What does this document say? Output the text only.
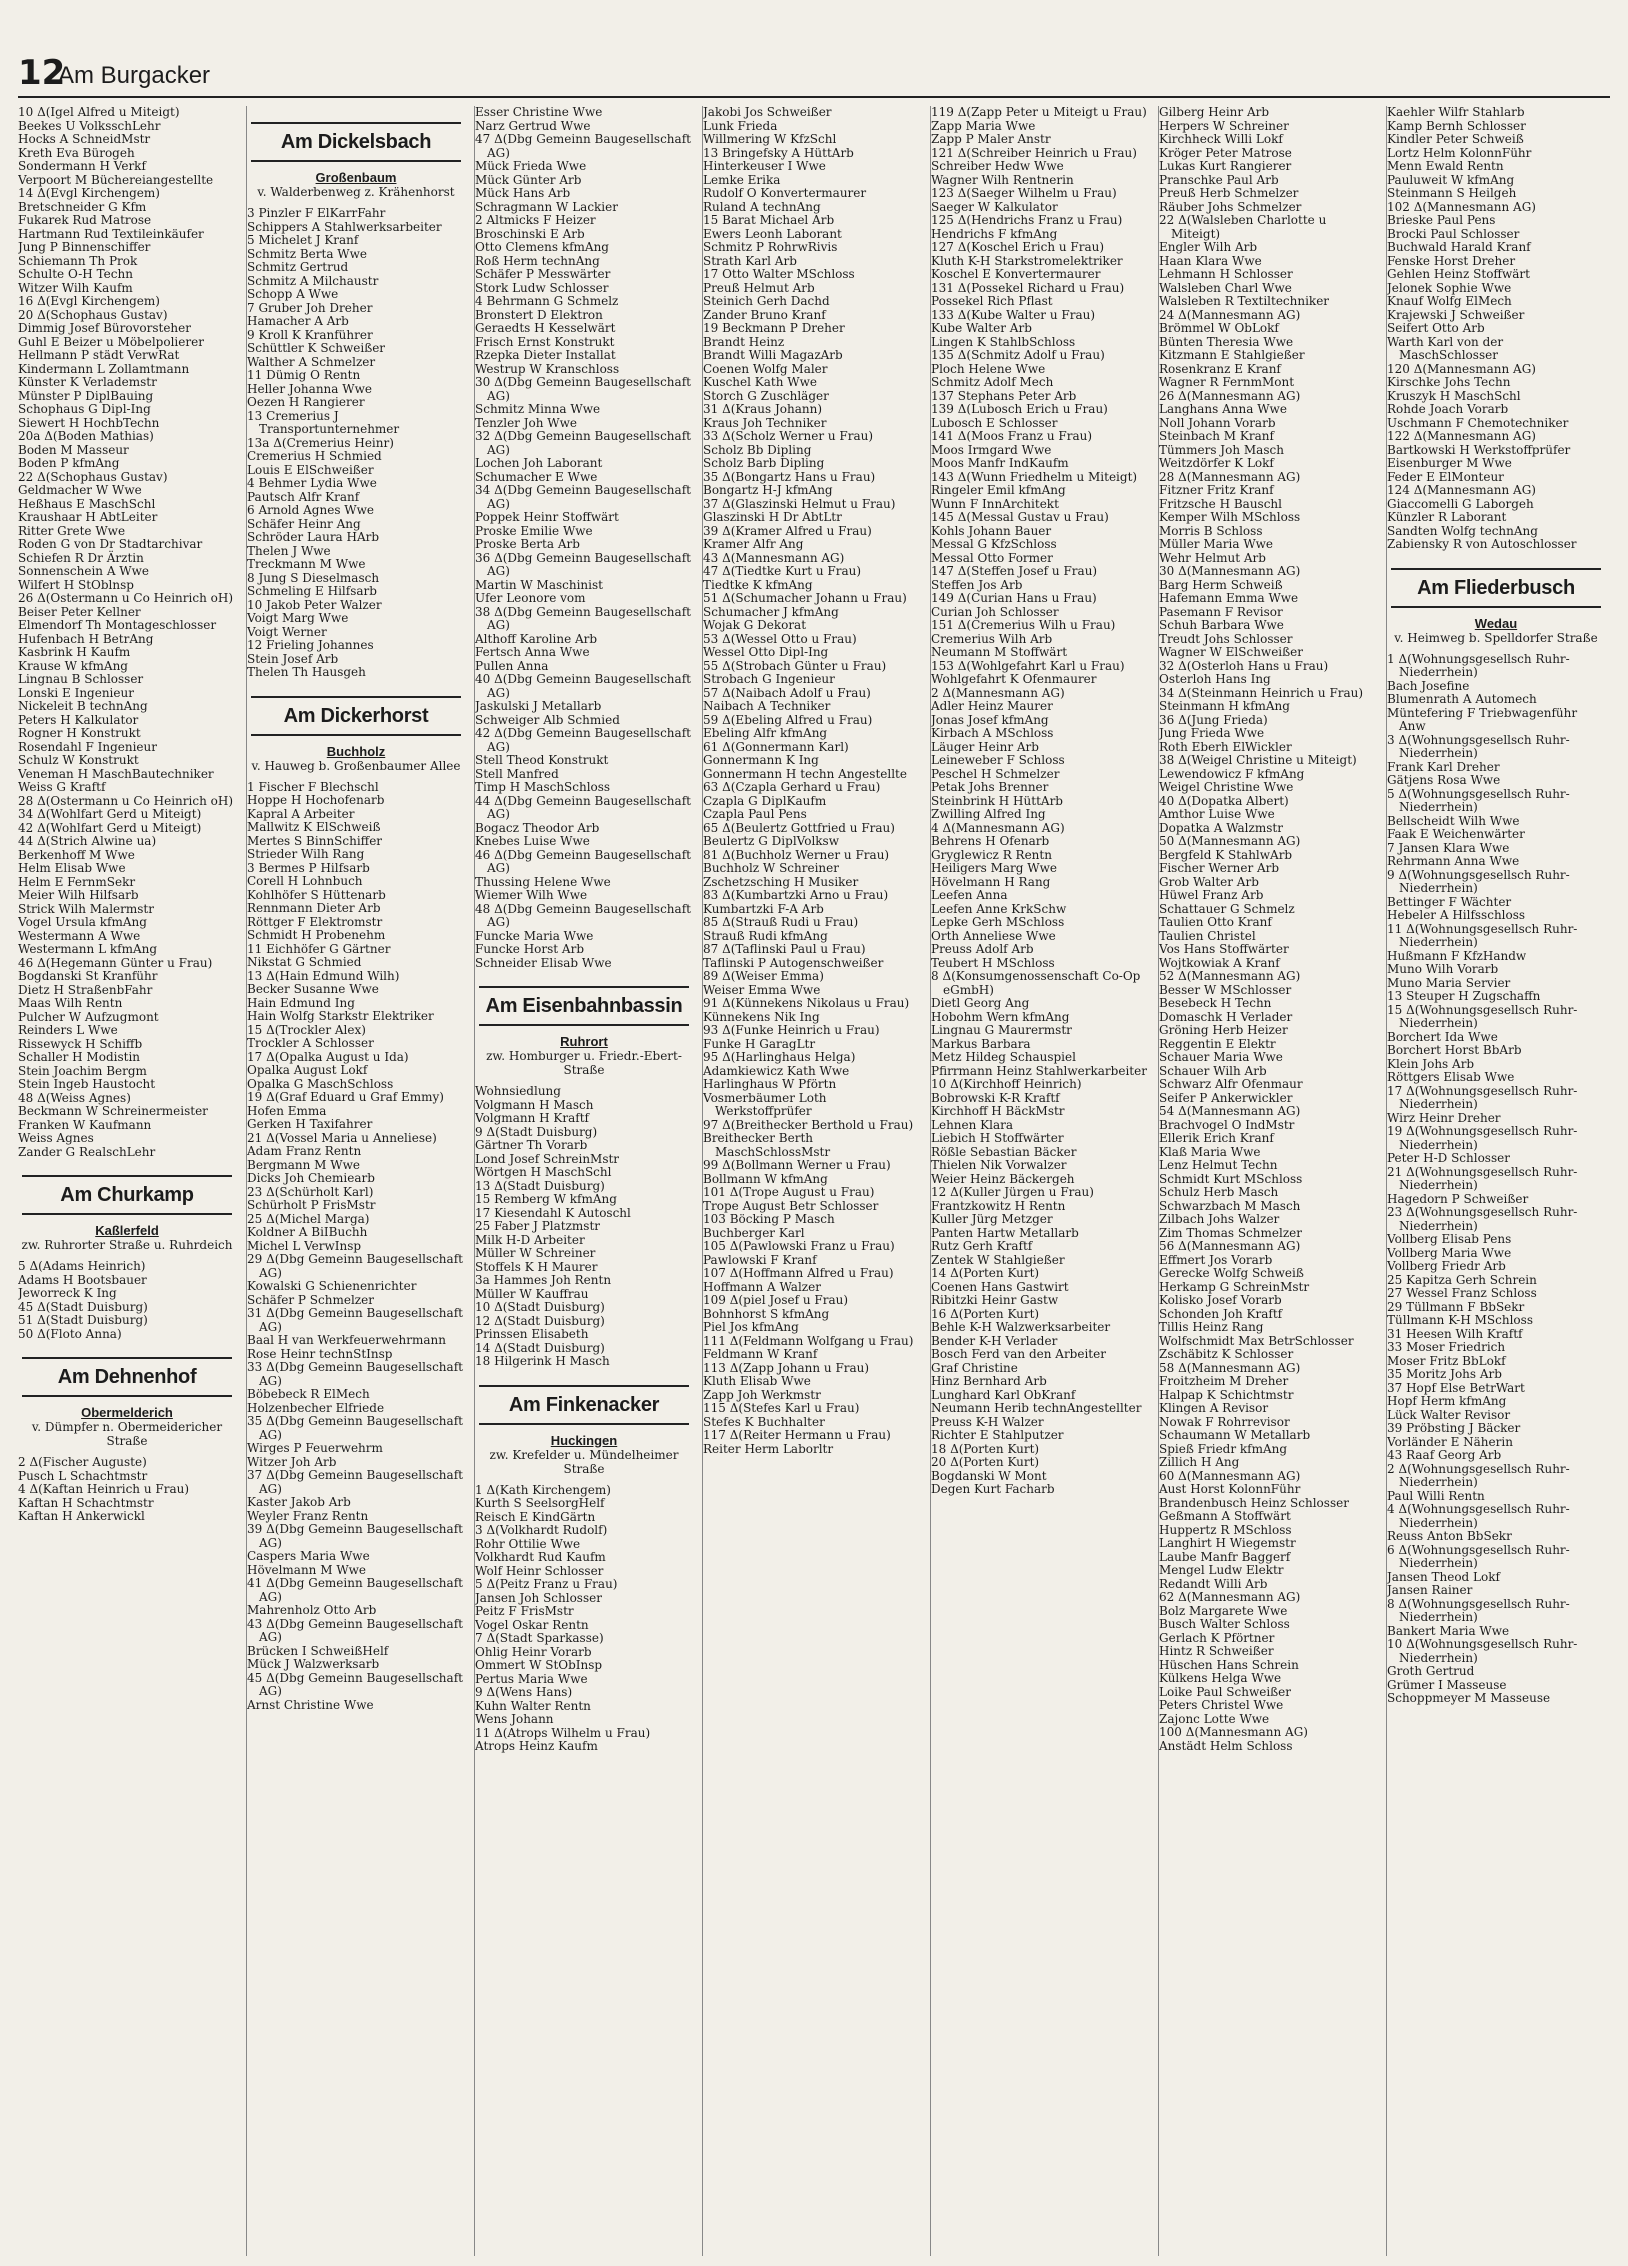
12
Am Burgacker
10 Δ(Igel Alfred u Miteigt)
Beekes U VolksschLehr
Hocks A SchneidMstr
Kreth Eva Bürogeh
Sondermann H Verkf
Verpoort M Büchereiangestellte
14 Δ(Evgl Kirchengem)
Bretschneider G Kfm
Fukarek Rud Matrose
Hartmann Rud Textileinkäufer
Jung P Binnenschiffer
Schiemann Th Prok
Schulte O-H Techn
Witzer Wilh Kaufm
16 Δ(Evgl Kirchengem)
20 Δ(Schophaus Gustav)
Dimmig Josef Bürovorsteher
Guhl E Beizer u Möbelpolierer
Hellmann P städt VerwRat
Kindermann L Zollamtmann
Künster K Verlademstr
Münster P DiplBauing
Schophaus G Dipl-Ing
Siewert H HochbTechn
20a Δ(Boden Mathias)
Boden M Masseur
Boden P kfmAng
22 Δ(Schophaus Gustav)
Geldmacher W Wwe
Heßhaus E MaschSchl
Kraushaar H AbtLeiter
Ritter Grete Wwe
Roden G von Dr Stadtarchivar
Schiefen R Dr Ärztin
Sonnenschein A Wwe
Wilfert H StOblnsp
26 Δ(Ostermann u Co Heinrich oH)
Beiser Peter Kellner
Elmendorf Th Montageschlosser
Hufenbach H BetrAng
Kasbrink H Kaufm
Krause W kfmAng
Lingnau B Schlosser
Lonski E Ingenieur
Nickeleit B technAng
Peters H Kalkulator
Rogner H Konstrukt
Rosendahl F Ingenieur
Schulz W Konstrukt
Veneman H MaschBautechniker
Weiss G Kraftf
28 Δ(Ostermann u Co Heinrich oH)
34 Δ(Wohlfart Gerd u Miteigt)
42 Δ(Wohlfart Gerd u Miteigt)
44 Δ(Strich Alwine ua)
Berkenhoff M Wwe
Helm Elisab Wwe
Helm E FernmSekr
Meier Wilh Hilfsarb
Strick Wilh Malermstr
Vogel Ursula kfmAng
Westermann A Wwe
Westermann L kfmAng
46 Δ(Hegemann Günter u Frau)
Bogdanski St Kranführ
Dietz H StraßenbFahr
Maas Wilh Rentn
Pulcher W Aufzugmont
Reinders L Wwe
Rissewyck H Schiffb
Schaller H Modistin
Stein Joachim Bergm
Stein Ingeb Haustocht
48 Δ(Weiss Agnes)
Beckmann W Schreinermeister
Franken W Kaufmann
Weiss Agnes
Zander G RealschLehr
Am Churkamp
Kaßlerfeld
zw. Ruhrorter Straße u. Ruhrdeich
5 Δ(Adams Heinrich)
Adams H Bootsbauer
Jeworreck K Ing
45 Δ(Stadt Duisburg)
51 Δ(Stadt Duisburg)
50 Δ(Floto Anna)
Am Dehnenhof
Obermelderich
v. Dümpfer n. Obermeidericher Straße
2 Δ(Fischer Auguste)
Pusch L Schachtmstr
4 Δ(Kaftan Heinrich u Frau)
Kaftan H Schachtmstr
Kaftan H Ankerwickl
Am Dickelsbach
Großenbaum
v. Walderbenweg z. Krähenhorst
3 Pinzler F ElKarrFahr
Schippers A Stahlwerksarbeiter
5 Michelet J Kranf
Schmitz Berta Wwe
Schmitz Gertrud
Schmitz A Milchaustr
Schopp A Wwe
7 Gruber Joh Dreher
Hamacher A Arb
9 Kroll K Kranführer
Schüttler K Schweißer
Walther A Schmelzer
11 Dümig O Rentn
Heller Johanna Wwe
Oezen H Rangierer
13 Cremerius J Transportunternehmer
13a Δ(Cremerius Heinr)
Cremerius H Schmied
Louis E ElSchweißer
4 Behmer Lydia Wwe
Pautsch Alfr Kranf
6 Arnold Agnes Wwe
Schäfer Heinr Ang
Schröder Laura HArb
Thelen J Wwe
Treckmann M Wwe
8 Jung S Dieselmasch
Schmeling E Hilfsarb
10 Jakob Peter Walzer
Voigt Marg Wwe
Voigt Werner
12 Frieling Johannes
Stein Josef Arb
Thelen Th Hausgeh
Am Dickerhorst
Buchholz
v. Hauweg b. Großenbaumer Allee
1 Fischer F Blechschl
Hoppe H Hochofenarb
Kapral A Arbeiter
Mallwitz K ElSchweiß
Mertes S BinnSchiffer
Strieder Wilh Rang
3 Bermes P Hilfsarb
Corell H Lohnbuch
Kohlhöfer S Hüttenarb
Rennmann Dieter Arb
Röttger F Elektromstr
Schmidt H Probenehm
11 Eichhöfer G Gärtner
Nikstat G Schmied
13 Δ(Hain Edmund Wilh)
Becker Susanne Wwe
Hain Edmund Ing
Hain Wolfg Starkstr Elektriker
15 Δ(Trockler Alex)
Trockler A Schlosser
17 Δ(Opalka August u Ida)
Opalka August Lokf
Opalka G MaschSchloss
19 Δ(Graf Eduard u Graf Emmy)
Hofen Emma
Gerken H Taxifahrer
21 Δ(Vossel Maria u Anneliese)
Adam Franz Rentn
Bergmann M Wwe
Dicks Joh Chemiearb
23 Δ(Schürholt Karl)
Schürholt P FrisMstr
25 Δ(Michel Marga)
Koldner A BiIBuchh
Michel L VerwInsp
29 Δ(Dbg Gemeinn Baugesellschaft AG)
Kowalski G Schienenrichter
Schäfer P Schmelzer
31 Δ(Dbg Gemeinn Baugesellschaft AG)
Baal H van Werkfeuerwehrmann
Rose Heinr technStInsp
33 Δ(Dbg Gemeinn Baugesellschaft AG)
Böbebeck R ElMech
Holzenbecher Elfriede
35 Δ(Dbg Gemeinn Baugesellschaft AG)
Wirges P Feuerwehrm
Witzer Joh Arb
37 Δ(Dbg Gemeinn Baugesellschaft AG)
Kaster Jakob Arb
Weyler Franz Rentn
39 Δ(Dbg Gemeinn Baugesellschaft AG)
Caspers Maria Wwe
Hövelmann M Wwe
41 Δ(Dbg Gemeinn Baugesellschaft AG)
Mahrenholz Otto Arb
43 Δ(Dbg Gemeinn Baugesellschaft AG)
Brücken I SchweißHelf
Mück J Walzwerksarb
45 Δ(Dbg Gemeinn Baugesellschaft AG)
Arnst Christine Wwe
Esser Christine Wwe
Narz Gertrud Wwe
47 Δ(Dbg Gemeinn Baugesellschaft AG)
Mück Frieda Wwe
Mück Günter Arb
Mück Hans Arb
Schragmann W Lackier
2 Altmicks F Heizer
Broschinski E Arb
Otto Clemens kfmAng
Roß Herm technAng
Schäfer P Messwärter
Stork Ludw Schlosser
4 Behrmann G Schmelz
Bronstert D Elektron
Geraedts H Kesselwärt
Frisch Ernst Konstrukt
Rzepka Dieter Installat
Westrup W Kranschloss
30 Δ(Dbg Gemeinn Baugesellschaft AG)
Schmitz Minna Wwe
Tenzler Joh Wwe
32 Δ(Dbg Gemeinn Baugesellschaft AG)
Lochen Joh Laborant
Schumacher E Wwe
34 Δ(Dbg Gemeinn Baugesellschaft AG)
Poppek Heinr Stoffwärt
Proske Emilie Wwe
Proske Berta Arb
36 Δ(Dbg Gemeinn Baugesellschaft AG)
Martin W Maschinist
Ufer Leonore vom
38 Δ(Dbg Gemeinn Baugesellschaft AG)
Althoff Karoline Arb
Fertsch Anna Wwe
Pullen Anna
40 Δ(Dbg Gemeinn Baugesellschaft AG)
Jaskulski J Metallarb
Schweiger Alb Schmied
42 Δ(Dbg Gemeinn Baugesellschaft AG)
Stell Theod Konstrukt
Stell Manfred
Timp H MaschSchloss
44 Δ(Dbg Gemeinn Baugesellschaft AG)
Bogacz Theodor Arb
Knebes Luise Wwe
46 Δ(Dbg Gemeinn Baugesellschaft AG)
Thussing Helene Wwe
Wiemer Wilh Wwe
48 Δ(Dbg Gemeinn Baugesellschaft AG)
Funcke Maria Wwe
Funcke Horst Arb
Schneider Elisab Wwe
Am Eisenbahnbassin
Ruhrort
zw. Homburger u. Friedr.-Ebert-Straße
Wohnsiedlung
Volgmann H Masch
Volgmann H Kraftf
9 Δ(Stadt Duisburg)
Gärtner Th Vorarb
Lond Josef SchreinMstr
Wörtgen H MaschSchl
13 Δ(Stadt Duisburg)
15 Remberg W kfmAng
17 Kiesendahl K Autoschl
25 Faber J Platzmstr
Milk H-D Arbeiter
Müller W Schreiner
Stoffels K H Maurer
3a Hammes Joh Rentn
Müller W Kauffrau
10 Δ(Stadt Duisburg)
12 Δ(Stadt Duisburg)
Prinssen Elisabeth
14 Δ(Stadt Duisburg)
18 Hilgerink H Masch
Am Finkenacker
Huckingen
zw. Krefelder u. Mündelheimer Straße
1 Δ(Kath Kirchengem)
Kurth S SeelsorgHelf
Reisch E KindGärtn
3 Δ(Volkhardt Rudolf)
Rohr Ottilie Wwe
Volkhardt Rud Kaufm
Wolf Heinr Schlosser
5 Δ(Peitz Franz u Frau)
Jansen Joh Schlosser
Peitz F FrisMstr
Vogel Oskar Rentn
7 Δ(Stadt Sparkasse)
Ohlig Heinr Vorarb
Ommert W StObInsp
Pertus Maria Wwe
9 Δ(Wens Hans)
Kuhn Walter Rentn
Wens Johann
11 Δ(Atrops Wilhelm u Frau)
Atrops Heinz Kaufm
Jakobi Jos Schweißer
Lunk Frieda
Willmering W KfzSchl
13 Bringefsky A HüttArb
Hinterkeuser I Wwe
Lemke Erika
Rudolf O Konvertermaurer
Ruland A technAng
15 Barat Michael Arb
Ewers Leonh Laborant
Schmitz P RohrwRivis
Strath Karl Arb
17 Otto Walter MSchloss
Preuß Helmut Arb
Steinich Gerh Dachd
Zander Bruno Kranf
19 Beckmann P Dreher
Brandt Heinz
Brandt Willi MagazArb
Coenen Wolfg Maler
Kuschel Kath Wwe
Storch G Zuschläger
31 Δ(Kraus Johann)
Kraus Joh Techniker
33 Δ(Scholz Werner u Frau)
Scholz Bb Dipling
Scholz Barb Dipling
35 Δ(Bongartz Hans u Frau)
Bongartz H-J kfmAng
37 Δ(Glaszinski Helmut u Frau)
Glaszinski H Dr AbtLtr
39 Δ(Kramer Alfred u Frau)
Kramer Alfr Ang
43 Δ(Mannesmann AG)
47 Δ(Tiedtke Kurt u Frau)
Tiedtke K kfmAng
51 Δ(Schumacher Johann u Frau)
Schumacher J kfmAng
Wojak G Dekorat
53 Δ(Wessel Otto u Frau)
Wessel Otto Dipl-Ing
55 Δ(Strobach Günter u Frau)
Strobach G Ingenieur
57 Δ(Naibach Adolf u Frau)
Naibach A Techniker
59 Δ(Ebeling Alfred u Frau)
Ebeling Alfr kfmAng
61 Δ(Gonnermann Karl)
Gonnermann K Ing
Gonnermann H techn Angestellte
63 Δ(Czapla Gerhard u Frau)
Czapla G DiplKaufm
Czapla Paul Pens
65 Δ(Beulertz Gottfried u Frau)
Beulertz G DiplVolksw
81 Δ(Buchholz Werner u Frau)
Buchholz W Schreiner
Zschetzsching H Musiker
83 Δ(Kumbartzki Arno u Frau)
Kumbartzki F-A Arb
85 Δ(Strauß Rudi u Frau)
Strauß Rudi kfmAng
87 Δ(Taflinski Paul u Frau)
Taflinski P Autogenschweißer
89 Δ(Weiser Emma)
Weiser Emma Wwe
91 Δ(Künnekens Nikolaus u Frau)
Künnekens Nik Ing
93 Δ(Funke Heinrich u Frau)
Funke H GaragLtr
95 Δ(Harlinghaus Helga)
Adamkiewicz Kath Wwe
Harlinghaus W Pförtn
Vosmerbäumer Loth Werkstoffprüfer
97 Δ(Breithecker Berthold u Frau)
Breithecker Berth MaschSchlossMstr
99 Δ(Bollmann Werner u Frau)
Bollmann W kfmAng
101 Δ(Trope August u Frau)
Trope August Betr Schlosser
103 Böcking P Masch
Buchberger Karl
105 Δ(Pawlowski Franz u Frau)
Pawlowski F Kranf
107 Δ(Hoffmann Alfred u Frau)
Hoffmann A Walzer
109 Δ(piel Josef u Frau)
Bohnhorst S kfmAng
Piel Jos kfmAng
111 Δ(Feldmann Wolfgang u Frau)
Feldmann W Kranf
113 Δ(Zapp Johann u Frau)
Kluth Elisab Wwe
Zapp Joh Werkmstr
115 Δ(Stefes Karl u Frau)
Stefes K Buchhalter
117 Δ(Reiter Hermann u Frau)
Reiter Herm Laborltr
119 Δ(Zapp Peter u Miteigt u Frau)
Zapp Maria Wwe
Zapp P Maler Anstr
121 Δ(Schreiber Heinrich u Frau)
Schreiber Hedw Wwe
Wagner Wilh Rentnerin
123 Δ(Saeger Wilhelm u Frau)
Saeger W Kalkulator
125 Δ(Hendrichs Franz u Frau)
Hendrichs F kfmAng
127 Δ(Koschel Erich u Frau)
Kluth K-H Starkstromelektriker
Koschel E Konvertermaurer
131 Δ(Possekel Richard u Frau)
Possekel Rich Pflast
133 Δ(Kube Walter u Frau)
Kube Walter Arb
Lingen K StahlbSchloss
135 Δ(Schmitz Adolf u Frau)
Ploch Helene Wwe
Schmitz Adolf Mech
137 Stephans Peter Arb
139 Δ(Lubosch Erich u Frau)
Lubosch E Schlosser
141 Δ(Moos Franz u Frau)
Moos Irmgard Wwe
Moos Manfr IndKaufm
143 Δ(Wunn Friedhelm u Miteigt)
Ringeler Emil kfmAng
Wunn F InnArchitekt
145 Δ(Messal Gustav u Frau)
Kohls Johann Bauer
Messal G KfzSchloss
Messal Otto Former
147 Δ(Steffen Josef u Frau)
Steffen Jos Arb
149 Δ(Curian Hans u Frau)
Curian Joh Schlosser
151 Δ(Cremerius Wilh u Frau)
Cremerius Wilh Arb
Neumann M Stoffwärt
153 Δ(Wohlgefahrt Karl u Frau)
Wohlgefahrt K Ofenmaurer
2 Δ(Mannesmann AG)
Adler Heinz Maurer
Jonas Josef kfmAng
Kirbach A MSchloss
Läuger Heinr Arb
Leineweber F Schloss
Peschel H Schmelzer
Petak Johs Brenner
Steinbrink H HüttArb
Zwilling Alfred Ing
4 Δ(Mannesmann AG)
Behrens H Ofenarb
Gryglewicz R Rentn
Heiligers Marg Wwe
Hövelmann H Rang
Leefen Anna
Leefen Anne KrkSchw
Lepke Gerh MSchloss
Orth Anneliese Wwe
Preuss Adolf Arb
Teubert H MSchloss
8 Δ(Konsumgenossenschaft Co-Op eGmbH)
Dietl Georg Ang
Hobohm Wern kfmAng
Lingnau G Maurermstr
Markus Barbara
Metz Hildeg Schauspiel
Pfirrmann Heinz Stahlwerkarbeiter
10 Δ(Kirchhoff Heinrich)
Bobrowski K-R Kraftf
Kirchhoff H BäckMstr
Lehnen Klara
Liebich H Stoffwärter
Rößle Sebastian Bäcker
Thielen Nik Vorwalzer
Weier Heinz Bäckergeh
12 Δ(Kuller Jürgen u Frau)
Frantzkowitz H Rentn
Kuller Jürg Metzger
Panten Hartw Metallarb
Rutz Gerh Kraftf
Zentek W Stahlgießer
14 Δ(Porten Kurt)
Coenen Hans Gastwirt
Ribitzki Heinr Gastw
16 Δ(Porten Kurt)
Behle K-H Walzwerksarbeiter
Bender K-H Verlader
Bosch Ferd van den Arbeiter
Graf Christine
Hinz Bernhard Arb
Lunghard Karl ObKranf
Neumann Herib technAngestellter
Preuss K-H Walzer
Richter E Stahlputzer
18 Δ(Porten Kurt)
20 Δ(Porten Kurt)
Bogdanski W Mont
Degen Kurt Facharb
Gilberg Heinr Arb
Herpers W Schreiner
Kirchheck Willi Lokf
Kröger Peter Matrose
Lukas Kurt Rangierer
Pranschke Paul Arb
Preuß Herb Schmelzer
Räuber Johs Schmelzer
22 Δ(Walsleben Charlotte u Miteigt)
Engler Wilh Arb
Haan Klara Wwe
Lehmann H Schlosser
Walsleben Charl Wwe
Walsleben R Textiltechniker
24 Δ(Mannesmann AG)
Brömmel W ObLokf
Bünten Theresia Wwe
Kitzmann E Stahlgießer
Rosenkranz E Kranf
Wagner R FernmMont
26 Δ(Mannesmann AG)
Langhans Anna Wwe
Noll Johann Vorarb
Steinbach M Kranf
Tümmers Joh Masch
Weitzdörfer K Lokf
28 Δ(Mannesmann AG)
Fitzner Fritz Kranf
Fritzsche H Bauschl
Kemper Wilh MSchloss
Morris B Schloss
Müller Maria Wwe
Wehr Helmut Arb
30 Δ(Mannesmann AG)
Barg Herm Schweiß
Hafemann Emma Wwe
Pasemann F Revisor
Schuh Barbara Wwe
Treudt Johs Schlosser
Wagner W ElSchweißer
32 Δ(Osterloh Hans u Frau)
Osterloh Hans Ing
34 Δ(Steinmann Heinrich u Frau)
Steinmann H kfmAng
36 Δ(Jung Frieda)
Jung Frieda Wwe
Roth Eberh ElWickler
38 Δ(Weigel Christine u Miteigt)
Lewendowicz F kfmAng
Weigel Christine Wwe
40 Δ(Dopatka Albert)
Amthor Luise Wwe
Dopatka A Walzmstr
50 Δ(Mannesmann AG)
Bergfeld K StahlwArb
Fischer Werner Arb
Grob Walter Arb
Hüwel Franz Arb
Schattauer G Schmelz
Taulien Otto Kranf
Taulien Christel
Vos Hans Stoffwärter
Wojtkowiak A Kranf
52 Δ(Mannesmann AG)
Besser W MSchlosser
Besebeck H Techn
Domaschk H Verlader
Gröning Herb Heizer
Reggentin E Elektr
Schauer Maria Wwe
Schauer Wilh Arb
Schwarz Alfr Ofenmaur
Seifer P Ankerwickler
54 Δ(Mannesmann AG)
Brachvogel O IndMstr
Ellerik Erich Kranf
Klaß Maria Wwe
Lenz Helmut Techn
Schmidt Kurt MSchloss
Schulz Herb Masch
Schwarzbach M Masch
Zilbach Johs Walzer
Zim Thomas Schmelzer
56 Δ(Mannesmann AG)
Effmert Jos Vorarb
Gerecke Wolfg Schweiß
Herkamp G SchreinMstr
Kolisko Josef Vorarb
Schonden Joh Kraftf
Tillis Heinz Rang
Wolfschmidt Max BetrSchlosser
Zschäbitz K Schlosser
58 Δ(Mannesmann AG)
Froitzheim M Dreher
Halpap K Schichtmstr
Klingen A Revisor
Nowak F Rohrrevisor
Schaumann W Metallarb
Spieß Friedr kfmAng
Zillich H Ang
60 Δ(Mannesmann AG)
Aust Horst KolonnFühr
Brandenbusch Heinz Schlosser
Geßmann A Stoffwärt
Huppertz R MSchloss
Langhirt H Wiegemstr
Laube Manfr Baggerf
Mengel Ludw Elektr
Redandt Willi Arb
62 Δ(Mannesmann AG)
Bolz Margarete Wwe
Busch Walter Schloss
Gerlach K Pförtner
Hintz R Schweißer
Hüschen Hans Schrein
Külkens Helga Wwe
Loike Paul Schweißer
Peters Christel Wwe
Zajonc Lotte Wwe
100 Δ(Mannesmann AG)
Anstädt Helm Schloss
Kaehler Wilfr Stahlarb
Kamp Bernh Schlosser
Kindler Peter Schweiß
Lortz Helm KolonnFühr
Menn Ewald Rentn
Pauluweit W kfmAng
Steinmann S Heilgeh
102 Δ(Mannesmann AG)
Brieske Paul Pens
Brocki Paul Schlosser
Buchwald Harald Kranf
Fenske Horst Dreher
Gehlen Heinz Stoffwärt
Jelonek Sophie Wwe
Knauf Wolfg ElMech
Krajewski J Schweißer
Seifert Otto Arb
Warth Karl von der MaschSchlosser
120 Δ(Mannesmann AG)
Kirschke Johs Techn
Kruszyk H MaschSchl
Rohde Joach Vorarb
Uschmann F Chemotechniker
122 Δ(Mannesmann AG)
Bartkowski H Werkstoffprüfer
Eisenburger M Wwe
Feder E ElMonteur
124 Δ(Mannesmann AG)
Giaccomelli G Laborgeh
Künzler R Laborant
Sandten Wolfg technAng
Zabiensky R von Autoschlosser
Am Fliederbusch
Wedau
v. Heimweg b. Spelldorfer Straße
1 Δ(Wohnungsgesellsch Ruhr-Niederrhein)
Bach Josefine
Blumenrath A Automech
Müntefering F Triebwagenführ Anw
3 Δ(Wohnungsgesellsch Ruhr-Niederrhein)
Frank Karl Dreher
Gätjens Rosa Wwe
5 Δ(Wohnungsgesellsch Ruhr-Niederrhein)
Bellscheidt Wilh Wwe
Faak E Weichenwärter
7 Jansen Klara Wwe
Rehrmann Anna Wwe
9 Δ(Wohnungsgesellsch Ruhr-Niederrhein)
Bettinger F Wächter
Hebeler A Hilfsschloss
11 Δ(Wohnungsgesellsch Ruhr-Niederrhein)
Hußmann F KfzHandw
Muno Wilh Vorarb
Muno Maria Servier
13 Steuper H Zugschaffn
15 Δ(Wohnungsgesellsch Ruhr-Niederrhein)
Borchert Ida Wwe
Borchert Horst BbArb
Klein Johs Arb
Röttgers Elisab Wwe
17 Δ(Wohnungsgesellsch Ruhr-Niederrhein)
Wirz Heinr Dreher
19 Δ(Wohnungsgesellsch Ruhr-Niederrhein)
Peter H-D Schlosser
21 Δ(Wohnungsgesellsch Ruhr-Niederrhein)
Hagedorn P Schweißer
23 Δ(Wohnungsgesellsch Ruhr-Niederrhein)
Vollberg Elisab Pens
Vollberg Maria Wwe
Vollberg Friedr Arb
25 Kapitza Gerh Schrein
27 Wessel Franz Schloss
29 Tüllmann F BbSekr
Tüllmann K-H MSchloss
31 Heesen Wilh Kraftf
33 Moser Friedrich
Moser Fritz BbLokf
35 Moritz Johs Arb
37 Hopf Else BetrWart
Hopf Herm kfmAng
Lück Walter Revisor
39 Pröbsting J Bäcker
Vorländer E Näherin
43 Raaf Georg Arb
2 Δ(Wohnungsgesellsch Ruhr-Niederrhein)
Paul Willi Rentn
4 Δ(Wohnungsgesellsch Ruhr-Niederrhein)
Reuss Anton BbSekr
6 Δ(Wohnungsgesellsch Ruhr-Niederrhein)
Jansen Theod Lokf
Jansen Rainer
8 Δ(Wohnungsgesellsch Ruhr-Niederrhein)
Bankert Maria Wwe
10 Δ(Wohnungsgesellsch Ruhr-Niederrhein)
Groth Gertrud
Grümer I Masseuse
Schoppmeyer M Masseuse
